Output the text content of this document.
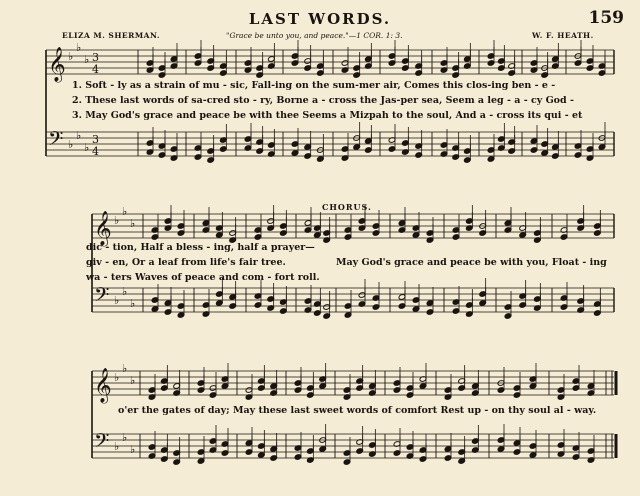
LAST WORDS.	159
ELIZA M. SHERMAN.	"Grace be unto you, and peace."—1 COR. 1: 3.	W. F. HEATH.
𝄞
𝄢
♭
♭
♭
♭
♭
♭
3
4
3
4
𝄞
𝄢
♭
♭
♭
♭
♭
♭
𝄞
𝄢
♭
♭
♭
♭
♭
♭
1. Soft - ly as a strain of mu - sic, Fall-ing on the sum-mer air, Comes this clos-ing ben - e -
2. These last words of sa-cred sto - ry, Borne a - cross the Jas-per sea, Seem a leg - a - cy God -
3. May God's grace and peace be with thee Seems a Mizpah to the soul, And a - cross its qui - et
CHORUS.
dic - tion, Half a bless - ing, half a prayer—
giv - en, Or a leaf from life's fair tree.
wa - ters Waves of peace and com - fort roll.
May God's grace and peace be with you, Float - ing
o'er the gates of day; May these last sweet words of comfort Rest up - on thy soul al - way.
